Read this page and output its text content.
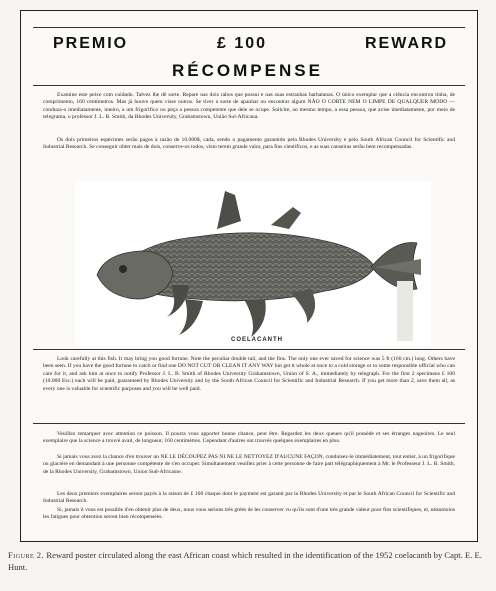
PREMIO	£ 100	REWARD
RÉCOMPENSE

Examine este peixe com cuidado. Talvez lhe dê sorte. Repare nas dois rabos que possui e nas suas estranhas barbatanas. O único exemplar que a ciência encontrou tinha, de comprimento, 160 centímetros. Mas já houve quem visse outros. Se tiver a sorte de apanhar ou encontrar algum NÃO O CORTE NEM O LIMPE DE QUALQUER MODO — conduza-o imediatamente, inteiro, a um frigorífico ou peça a pessoa competente que dele se ocupe. Solicite, ao mesmo tempo, a essa pessoa, que avise imediatamente, por meio de telegrama, o professor J. L. B. Smith, da Rhodes University, Grahamstown, União Sul-Africana.

Os dois primeiros espécimes serão pagos à razão de 10.000$, cada, sendo o pagamento garantido pela Rhodes University e pelo South African Council for Scientific and Industrial Research. Se conseguir obter mais de dois, conserve-os todos, visto terem grande valor, para fins científicos, e as suas canseiras serão bem recompensadas.

COELACANTH

Look carefully at this fish. It may bring you good fortune. Note the peculiar double tail, and the fins. The only one ever saved for science was 5 ft (160 cm.) long. Others have been seen. If you have the good fortune to catch or find one DO NOT CUT OR CLEAN IT ANY WAY but get it whole at once to a cold storage or to some responsible official who can care for it, and ask him at once to notify Professor J. L. B. Smith of Rhodes University Grahamstown, Union of S. A., immediately by telegraph. For the first 2 specimens £ 100 (10.000 Esc.) each will be paid, guaranteed by Rhodes University and by the South African Council for Scientific and Industrial Research. If you get more than 2, save them all, as every one is valuable for scientific purposes and you will be well paid.

Veuillez remarquer avec attention ce poisson. Il pourra vous apporter bonne chance, peut être. Regardez les deux queues qu'il possède et ses étranges nageoires. Le seul exemplaire que la science a trouvé avait, de longueur, 160 centimètres. Cependant d'autres ont trouvés quelques exemplaires en plus.

Si jamais vous avez la chance d'en trouver un NE LE DÉCOUPEZ PAS NI NE LE NETTOYEZ D'AUCUNE FAÇON, conduisez-le immédiatement, tout entier, à un frigorifique ou glacière en demandant à une personne compétente de s'en occuper. Simultanement veuillez prier à cette personne de faire part télégraphiquement à Mr. le Professeur J. L. B. Smith, de la Rhodes University, Grahamstown, Union Sud-Africaine.

Les deux premiers exemplaires seront payés à la raison de £ 100 chaque dont le payment est garanti par la Rhodes University et par le South African Council for Scientific and Industrial Research.

Si, jamais il vous est possible d'en obtenir plus de deux, nous vous serions très gréés de les conserver vu qu'ils sont d'une très grande valeur pour fins scientifiques, et, néanmoins les fatigues pour obtention seront bien récompensées.

Figure 2. Reward poster circulated along the east African coast which resulted in the identification of the 1952 coelacanth by Capt. E. E. Hunt.
